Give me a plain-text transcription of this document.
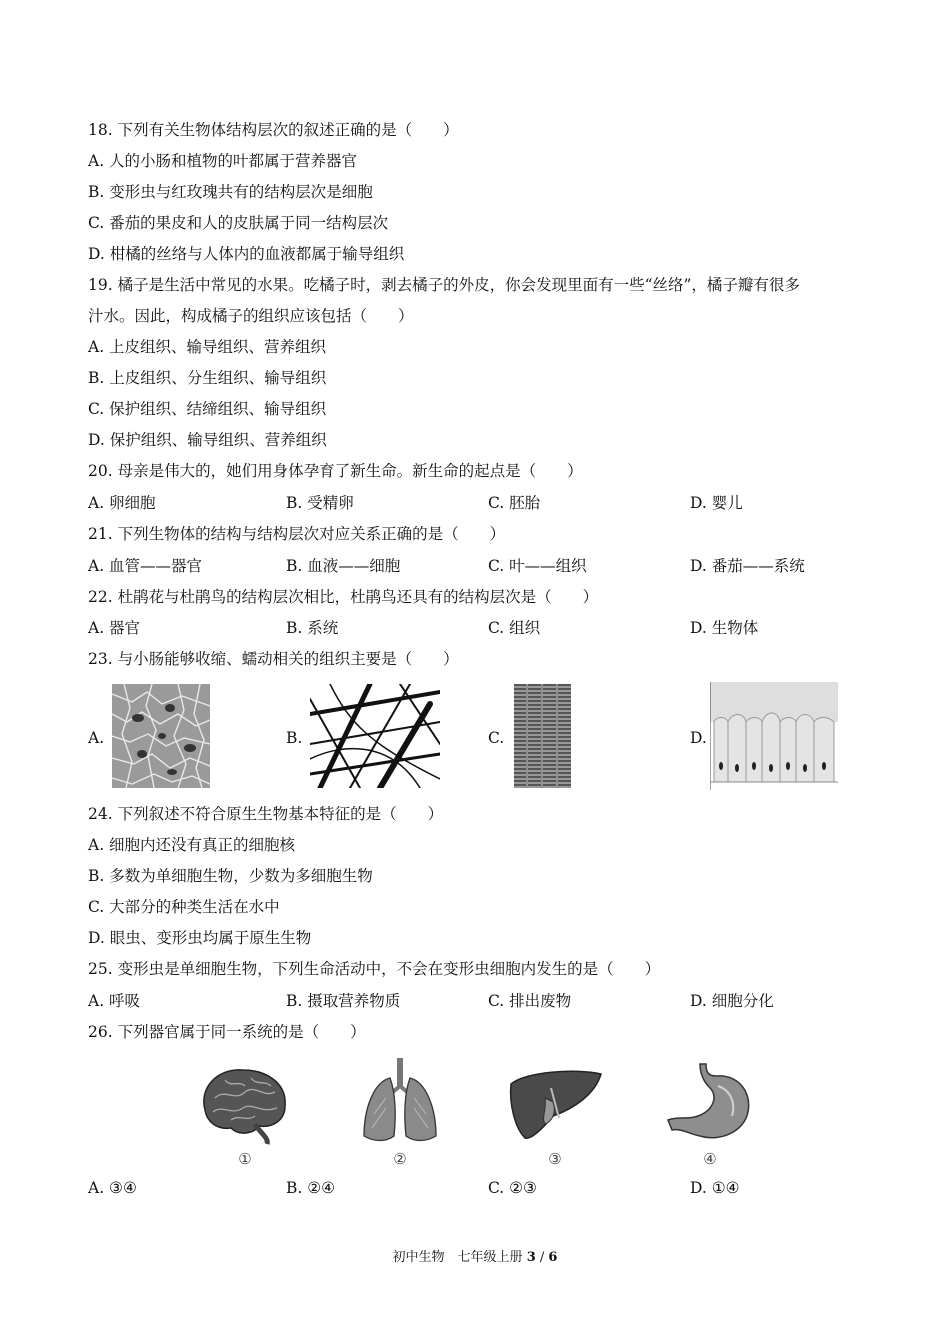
18. 下列有关生物体结构层次的叙述正确的是（　　）
A. 人的小肠和植物的叶都属于营养器官
B. 变形虫与红玫瑰共有的结构层次是细胞
C. 番茄的果皮和人的皮肤属于同一结构层次
D. 柑橘的丝络与人体内的血液都属于输导组织
19. 橘子是生活中常见的水果。吃橘子时，剥去橘子的外皮，你会发现里面有一些“丝络”，橘子瓣有很多
汁水。因此，构成橘子的组织应该包括（　　）
A. 上皮组织、输导组织、营养组织
B. 上皮组织、分生组织、输导组织
C. 保护组织、结缔组织、输导组织
D. 保护组织、输导组织、营养组织
20. 母亲是伟大的，她们用身体孕育了新生命。新生命的起点是（　　）
A. 卵细胞	B. 受精卵	C. 胚胎	D. 婴儿
21. 下列生物体的结构与结构层次对应关系正确的是（　　）
A. 血管——器官	B. 血液——细胞	C. 叶——组织	D. 番茄——系统
22. 杜鹃花与杜鹃鸟的结构层次相比，杜鹃鸟还具有的结构层次是（　　）
A. 器官	B. 系统	C. 组织	D. 生物体
23. 与小肠能够收缩、蠕动相关的组织主要是（　　）
A.	B.	C.	D.
24. 下列叙述不符合原生生物基本特征的是（　　）
A. 细胞内还没有真正的细胞核
B. 多数为单细胞生物，少数为多细胞生物
C. 大部分的种类生活在水中
D. 眼虫、变形虫均属于原生生物
25. 变形虫是单细胞生物，下列生命活动中，不会在变形虫细胞内发生的是（　　）
A. 呼吸	B. 摄取营养物质	C. 排出废物	D. 细胞分化
26. 下列器官属于同一系统的是（　　）
①	②	③	④
A. ③④	B. ②④	C. ②③	D. ①④
初中生物　七年级上册 3 / 6
